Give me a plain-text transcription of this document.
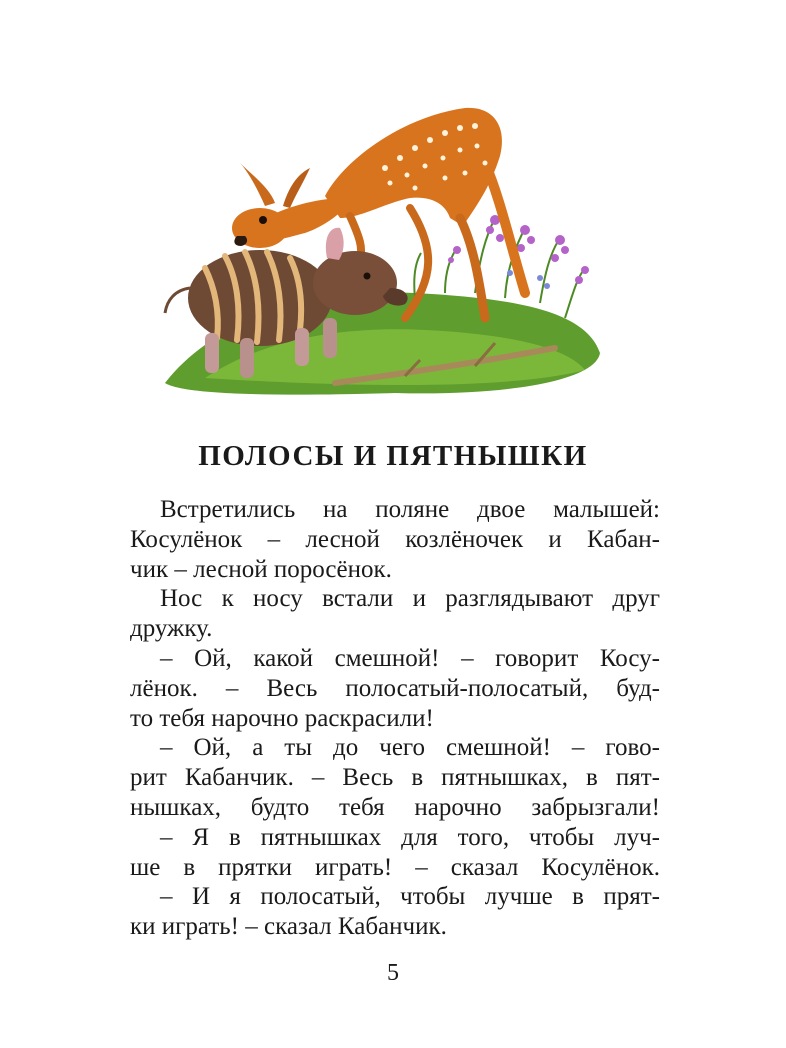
ПОЛОСЫ И ПЯТНЫШКИ
Встретились на поляне двое малышей:
Косулёнок – лесной козлёночек и Кабан-
чик – лесной поросёнок.
Нос к носу встали и разглядывают друг
дружку.
– Ой, какой смешной! – говорит Косу-
лёнок. – Весь полосатый-полосатый, буд-
то тебя нарочно раскрасили!
– Ой, а ты до чего смешной! – гово-
рит Кабанчик. – Весь в пятнышках, в пят-
нышках, будто тебя нарочно забрызгали!
– Я в пятнышках для того, чтобы луч-
ше в прятки играть! – сказал Косулёнок.
– И я полосатый, чтобы лучше в прят-
ки играть! – сказал Кабанчик.
5
